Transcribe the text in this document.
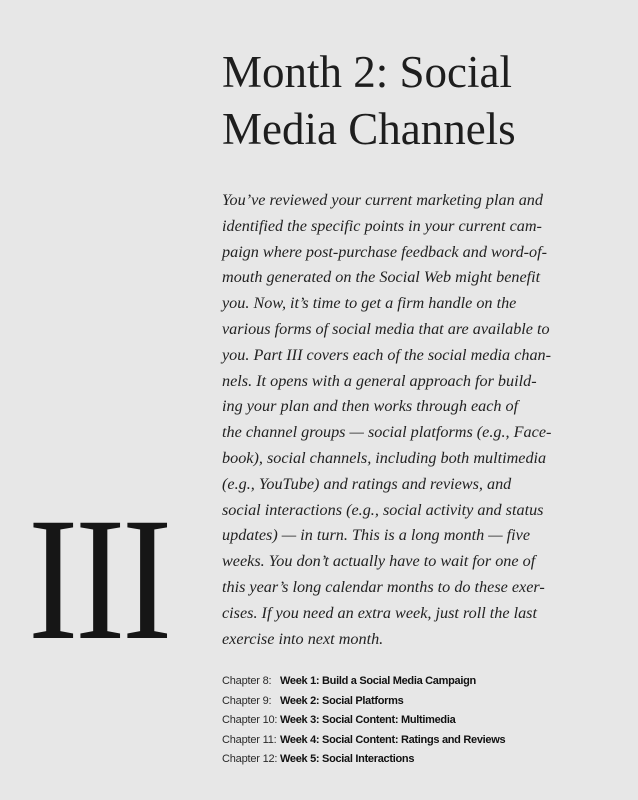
III
Month 2: Social
Media Channels
You’ve reviewed your current marketing plan and
identified the specific points in your current cam-
paign where post-purchase feedback and word-of-
mouth generated on the Social Web might benefit
you. Now, it’s time to get a firm handle on the
various forms of social media that are available to
you. Part III covers each of the social media chan-
nels. It opens with a general approach for build-
ing your plan and then works through each of
the channel groups — social platforms (e.g., Face-
book), social channels, including both multimedia
(e.g., YouTube) and ratings and reviews, and
social interactions (e.g., social activity and status
updates) — in turn. This is a long month — five
weeks. You don’t actually have to wait for one of
this year’s long calendar months to do these exer-
cises. If you need an extra week, just roll the last
exercise into next month.
Chapter 8: Week 1: Build a Social Media Campaign
Chapter 9: Week 2: Social Platforms
Chapter 10: Week 3: Social Content: Multimedia
Chapter 11: Week 4: Social Content: Ratings and Reviews
Chapter 12: Week 5: Social Interactions
